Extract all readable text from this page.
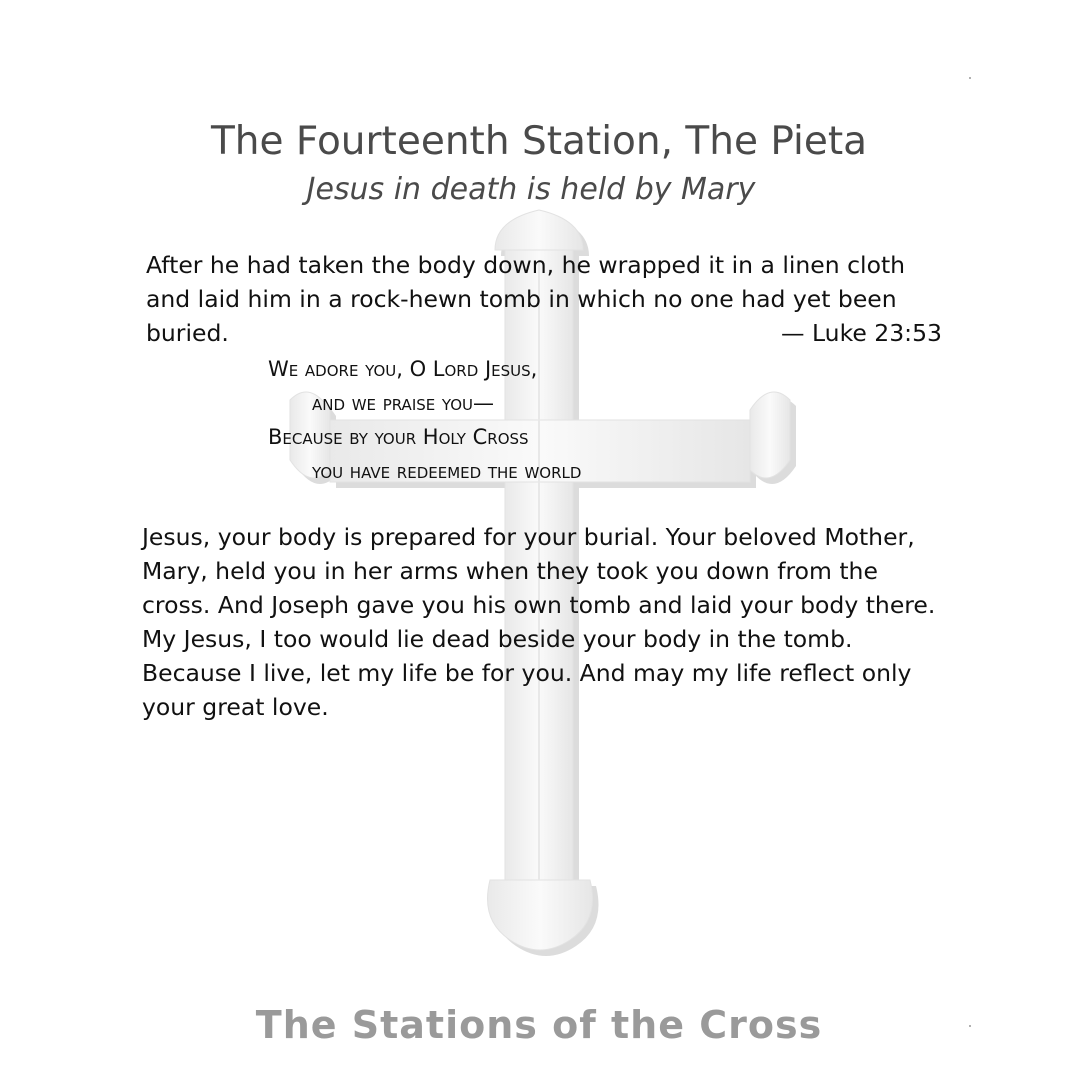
The Fourteenth Station, The Pieta
Jesus in death is held by Mary
After he had taken the body down, he wrapped it in a linen cloth and laid him in a rock-hewn tomb in which no one had yet been buried.	— Luke 23:53
We adore you, O Lord Jesus,
and we praise you—
Because by your Holy Cross
you have redeemed the world
Jesus, your body is prepared for your burial. Your beloved Mother, Mary, held you in her arms when they took you down from the cross. And Joseph gave you his own tomb and laid your body there. My Jesus, I too would lie dead beside your body in the tomb. Because I live, let my life be for you. And may my life reflect only your great love.
The Stations of the Cross
